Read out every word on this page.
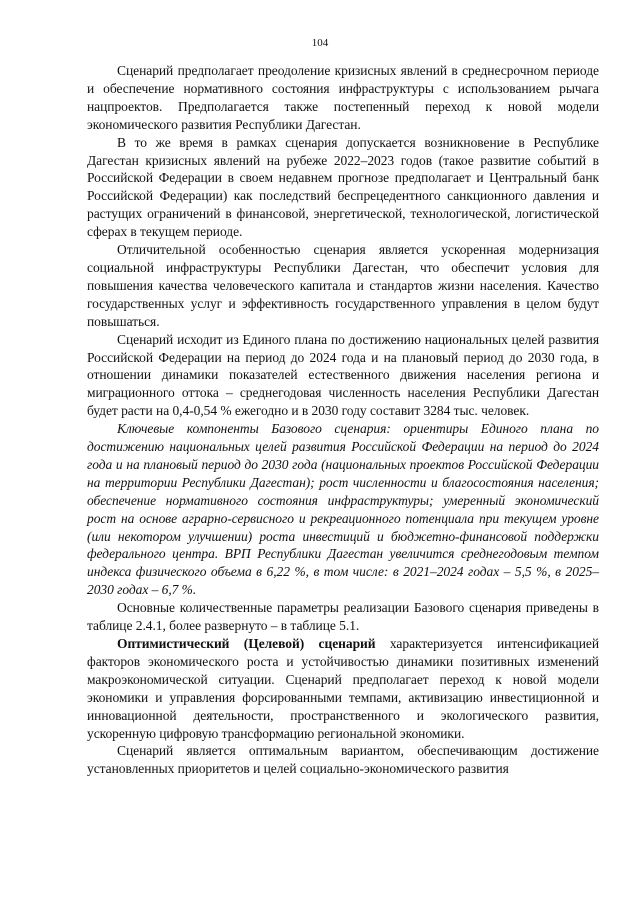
104

Сценарий предполагает преодоление кризисных явлений в среднесрочном периоде и обеспечение нормативного состояния инфраструктуры с использованием рычага нацпроектов. Предполагается также постепенный переход к новой модели экономического развития Республики Дагестан.

В то же время в рамках сценария допускается возникновение в Республике Дагестан кризисных явлений на рубеже 2022–2023 годов (такое развитие событий в Российской Федерации в своем недавнем прогнозе предполагает и Центральный банк Российской Федерации) как последствий беспрецедентного санкционного давления и растущих ограничений в финансовой, энергетической, технологической, логистической сферах в текущем периоде.

Отличительной особенностью сценария является ускоренная модернизация социальной инфраструктуры Республики Дагестан, что обеспечит условия для повышения качества человеческого капитала и стандартов жизни населения. Качество государственных услуг и эффективность государственного управления в целом будут повышаться.

Сценарий исходит из Единого плана по достижению национальных целей развития Российской Федерации на период до 2024 года и на плановый период до 2030 года, в отношении динамики показателей естественного движения населения региона и миграционного оттока – среднегодовая численность населения Республики Дагестан будет расти на 0,4-0,54 % ежегодно и в 2030 году составит 3284 тыс. человек.

Ключевые компоненты Базового сценария: ориентиры Единого плана по достижению национальных целей развития Российской Федерации на период до 2024 года и на плановый период до 2030 года (национальных проектов Российской Федерации на территории Республики Дагестан); рост численности и благосостояния населения; обеспечение нормативного состояния инфраструктуры; умеренный экономический рост на основе аграрно-сервисного и рекреационного потенциала при текущем уровне (или некотором улучшении) роста инвестиций и бюджетно-финансовой поддержки федерального центра. ВРП Республики Дагестан увеличится среднегодовым темпом индекса физического объема в 6,22 %, в том числе: в 2021–2024 годах – 5,5 %, в 2025–2030 годах – 6,7 %.

Основные количественные параметры реализации Базового сценария приведены в таблице 2.4.1, более развернуто – в таблице 5.1.

Оптимистический (Целевой) сценарий характеризуется интенсификацией факторов экономического роста и устойчивостью динамики позитивных изменений макроэкономической ситуации. Сценарий предполагает переход к новой модели экономики и управления форсированными темпами, активизацию инвестиционной и инновационной деятельности, пространственного и экологического развития, ускоренную цифровую трансформацию региональной экономики.

Сценарий является оптимальным вариантом, обеспечивающим достижение установленных приоритетов и целей социально-экономического развития
